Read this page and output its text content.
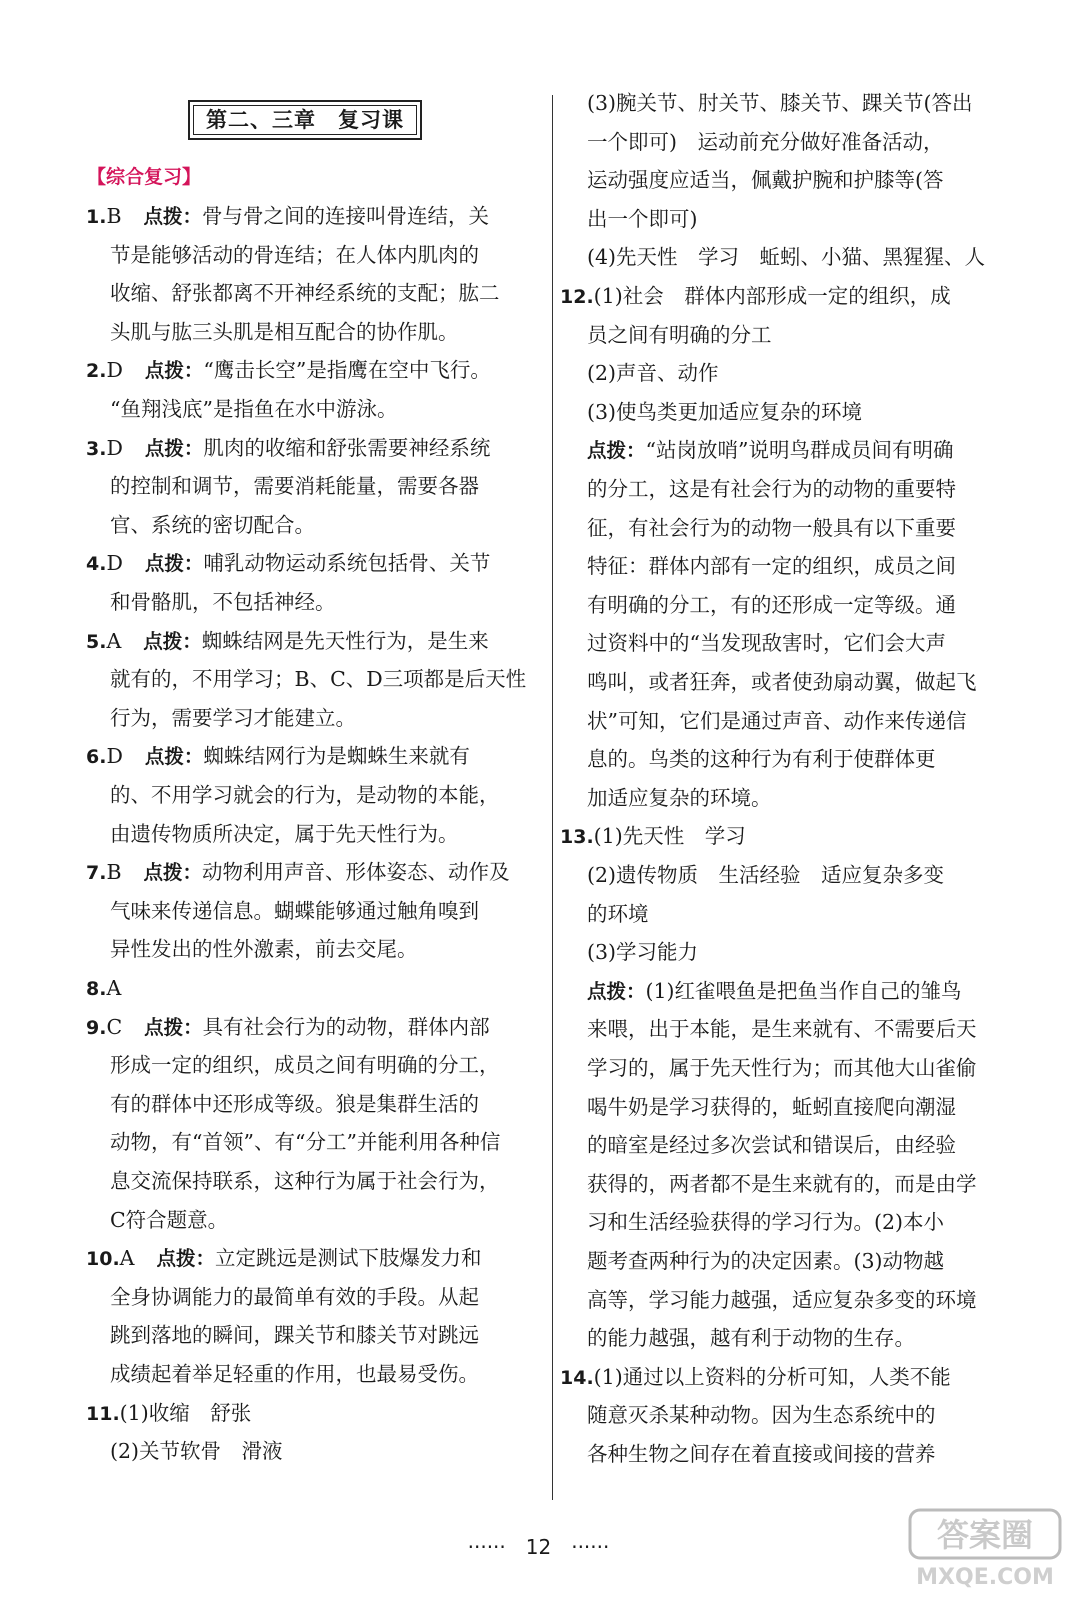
第二、三章　复习课
【综合复习】
1.B 点拨：骨与骨之间的连接叫骨连结，关
节是能够活动的骨连结；在人体内肌肉的
收缩、舒张都离不开神经系统的支配；肱二
头肌与肱三头肌是相互配合的协作肌。
2.D 点拨：“鹰击长空”是指鹰在空中飞行。
“鱼翔浅底”是指鱼在水中游泳。
3.D 点拨：肌肉的收缩和舒张需要神经系统
的控制和调节，需要消耗能量，需要各器
官、系统的密切配合。
4.D 点拨：哺乳动物运动系统包括骨、关节
和骨骼肌，不包括神经。
5.A 点拨：蜘蛛结网是先天性行为，是生来
就有的，不用学习；B、C、D三项都是后天性
行为，需要学习才能建立。
6.D 点拨：蜘蛛结网行为是蜘蛛生来就有
的、不用学习就会的行为，是动物的本能，
由遗传物质所决定，属于先天性行为。
7.B 点拨：动物利用声音、形体姿态、动作及
气味来传递信息。蝴蝶能够通过触角嗅到
异性发出的性外激素，前去交尾。
8.A
9.C 点拨：具有社会行为的动物，群体内部
形成一定的组织，成员之间有明确的分工，
有的群体中还形成等级。狼是集群生活的
动物，有“首领”、有“分工”并能利用各种信
息交流保持联系，这种行为属于社会行为，
C符合题意。
10.A 点拨：立定跳远是测试下肢爆发力和
全身协调能力的最简单有效的手段。从起
跳到落地的瞬间，踝关节和膝关节对跳远
成绩起着举足轻重的作用，也最易受伤。
11.(1)收缩　舒张
(2)关节软骨　滑液
(3)腕关节、肘关节、膝关节、踝关节(答出
一个即可)　运动前充分做好准备活动，
运动强度应适当，佩戴护腕和护膝等(答
出一个即可)
(4)先天性　学习　蚯蚓、小猫、黑猩猩、人
12.(1)社会　群体内部形成一定的组织，成
员之间有明确的分工
(2)声音、动作
(3)使鸟类更加适应复杂的环境
点拨：“站岗放哨”说明鸟群成员间有明确
的分工，这是有社会行为的动物的重要特
征，有社会行为的动物一般具有以下重要
特征：群体内部有一定的组织，成员之间
有明确的分工，有的还形成一定等级。通
过资料中的“当发现敌害时，它们会大声
鸣叫，或者狂奔，或者使劲扇动翼，做起飞
状”可知，它们是通过声音、动作来传递信
息的。鸟类的这种行为有利于使群体更
加适应复杂的环境。
13.(1)先天性　学习
(2)遗传物质　生活经验　适应复杂多变
的环境
(3)学习能力
点拨：(1)红雀喂鱼是把鱼当作自己的雏鸟
来喂，出于本能，是生来就有、不需要后天
学习的，属于先天性行为；而其他大山雀偷
喝牛奶是学习获得的，蚯蚓直接爬向潮湿
的暗室是经过多次尝试和错误后，由经验
获得的，两者都不是生来就有的，而是由学
习和生活经验获得的学习行为。(2)本小
题考查两种行为的决定因素。(3)动物越
高等，学习能力越强，适应复杂多变的环境
的能力越强，越有利于动物的生存。
14.(1)通过以上资料的分析可知，人类不能
随意灭杀某种动物。因为生态系统中的
各种生物之间存在着直接或间接的营养
······　12　······	答案圈
MXQE.COM
